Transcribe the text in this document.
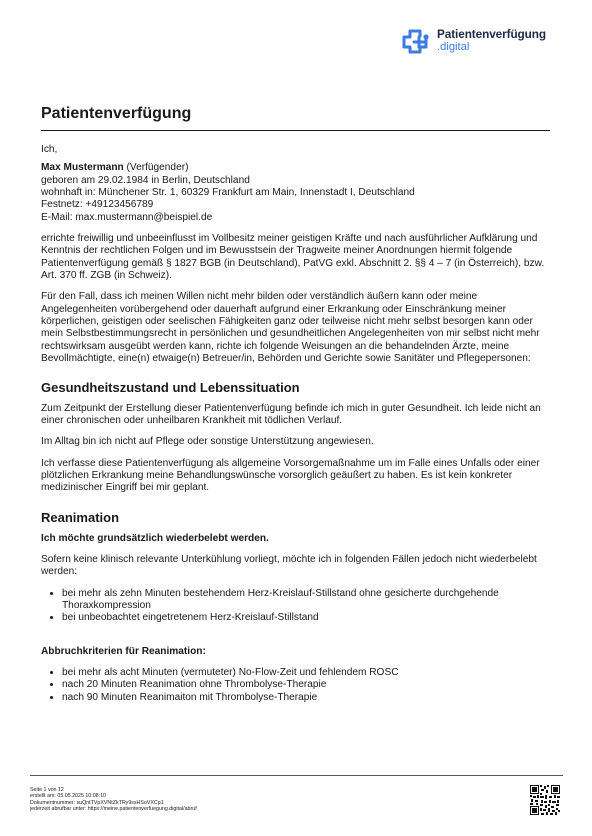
Patientenverfügung
.digital
Patientenverfügung

Ich,

Max Mustermann (Verfügender)

geboren am 29.02.1984 in Berlin, Deutschland

wohnhaft in: Münchener Str. 1, 60329 Frankfurt am Main, Innenstadt I, Deutschland

Festnetz: +49123456789

E-Mail: max.mustermann@beispiel.de

errichte freiwillig und unbeeinflusst im Vollbesitz meiner geistigen Kräfte und nach ausführlicher Aufklärung und Kenntnis der rechtlichen Folgen und im Bewusstsein der Tragweite meiner Anordnungen hiermit folgende Patientenverfügung gemäß § 1827 BGB (in Deutschland), PatVG exkl. Abschnitt 2. §§ 4 – 7 (in Österreich), bzw. Art. 370 ff. ZGB (in Schweiz).

Für den Fall, dass ich meinen Willen nicht mehr bilden oder verständlich äußern kann oder meine Angelegenheiten vorübergehend oder dauerhaft aufgrund einer Erkrankung oder Einschränkung meiner körperlichen, geistigen oder seelischen Fähigkeiten ganz oder teilweise nicht mehr selbst besorgen kann oder mein Selbstbestimmungsrecht in persönlichen und gesundheitlichen Angelegenheiten von mir selbst nicht mehr rechtswirksam ausgeübt werden kann, richte ich folgende Weisungen an die behandelnden Ärzte, meine Bevollmächtigte, eine(n) etwaige(n) Betreuer/in, Behörden und Gerichte sowie Sanitäter und Pflegepersonen:

Gesundheitszustand und Lebenssituation

Zum Zeitpunkt der Erstellung dieser Patientenverfügung befinde ich mich in guter Gesundheit. Ich leide nicht an einer chronischen oder unheilbaren Krankheit mit tödlichen Verlauf.

Im Alltag bin ich nicht auf Pflege oder sonstige Unterstützung angewiesen.

Ich verfasse diese Patientenverfügung als allgemeine Vorsorgemaßnahme um im Falle eines Unfalls oder einer plötzlichen Erkrankung meine Behandlungswünsche vorsorglich geäußert zu haben. Es ist kein konkreter medizinischer Eingriff bei mir geplant.

Reanimation

Ich möchte grundsätzlich wiederbelebt werden.

Sofern keine klinisch relevante Unterkühlung vorliegt, möchte ich in folgenden Fällen jedoch nicht wiederbelebt werden:

• bei mehr als zehn Minuten bestehendem Herz-Kreislauf-Stillstand ohne gesicherte durchgehende Thoraxkompression
• bei unbeobachtet eingetretenem Herz-Kreislauf-Stillstand

Abbruchkriterien für Reanimation:

• bei mehr als acht Minuten (vermuteter) No-Flow-Zeit und fehlendem ROSC
• nach 20 Minuten Reanimation ohne Thrombolyse-Therapie
• nach 90 Minuten Reanimaiton mit Thrombolyse-Therapie
Seite 1 von 12
erstellt am: 05.05.2025 10:08:10
Dokumentnummer: suQntTVpXVNtZkTRy9ssHSoVXCp1
jederzeit abrufbar unter: https://meine.patientenverfuegung.digital/abruf
